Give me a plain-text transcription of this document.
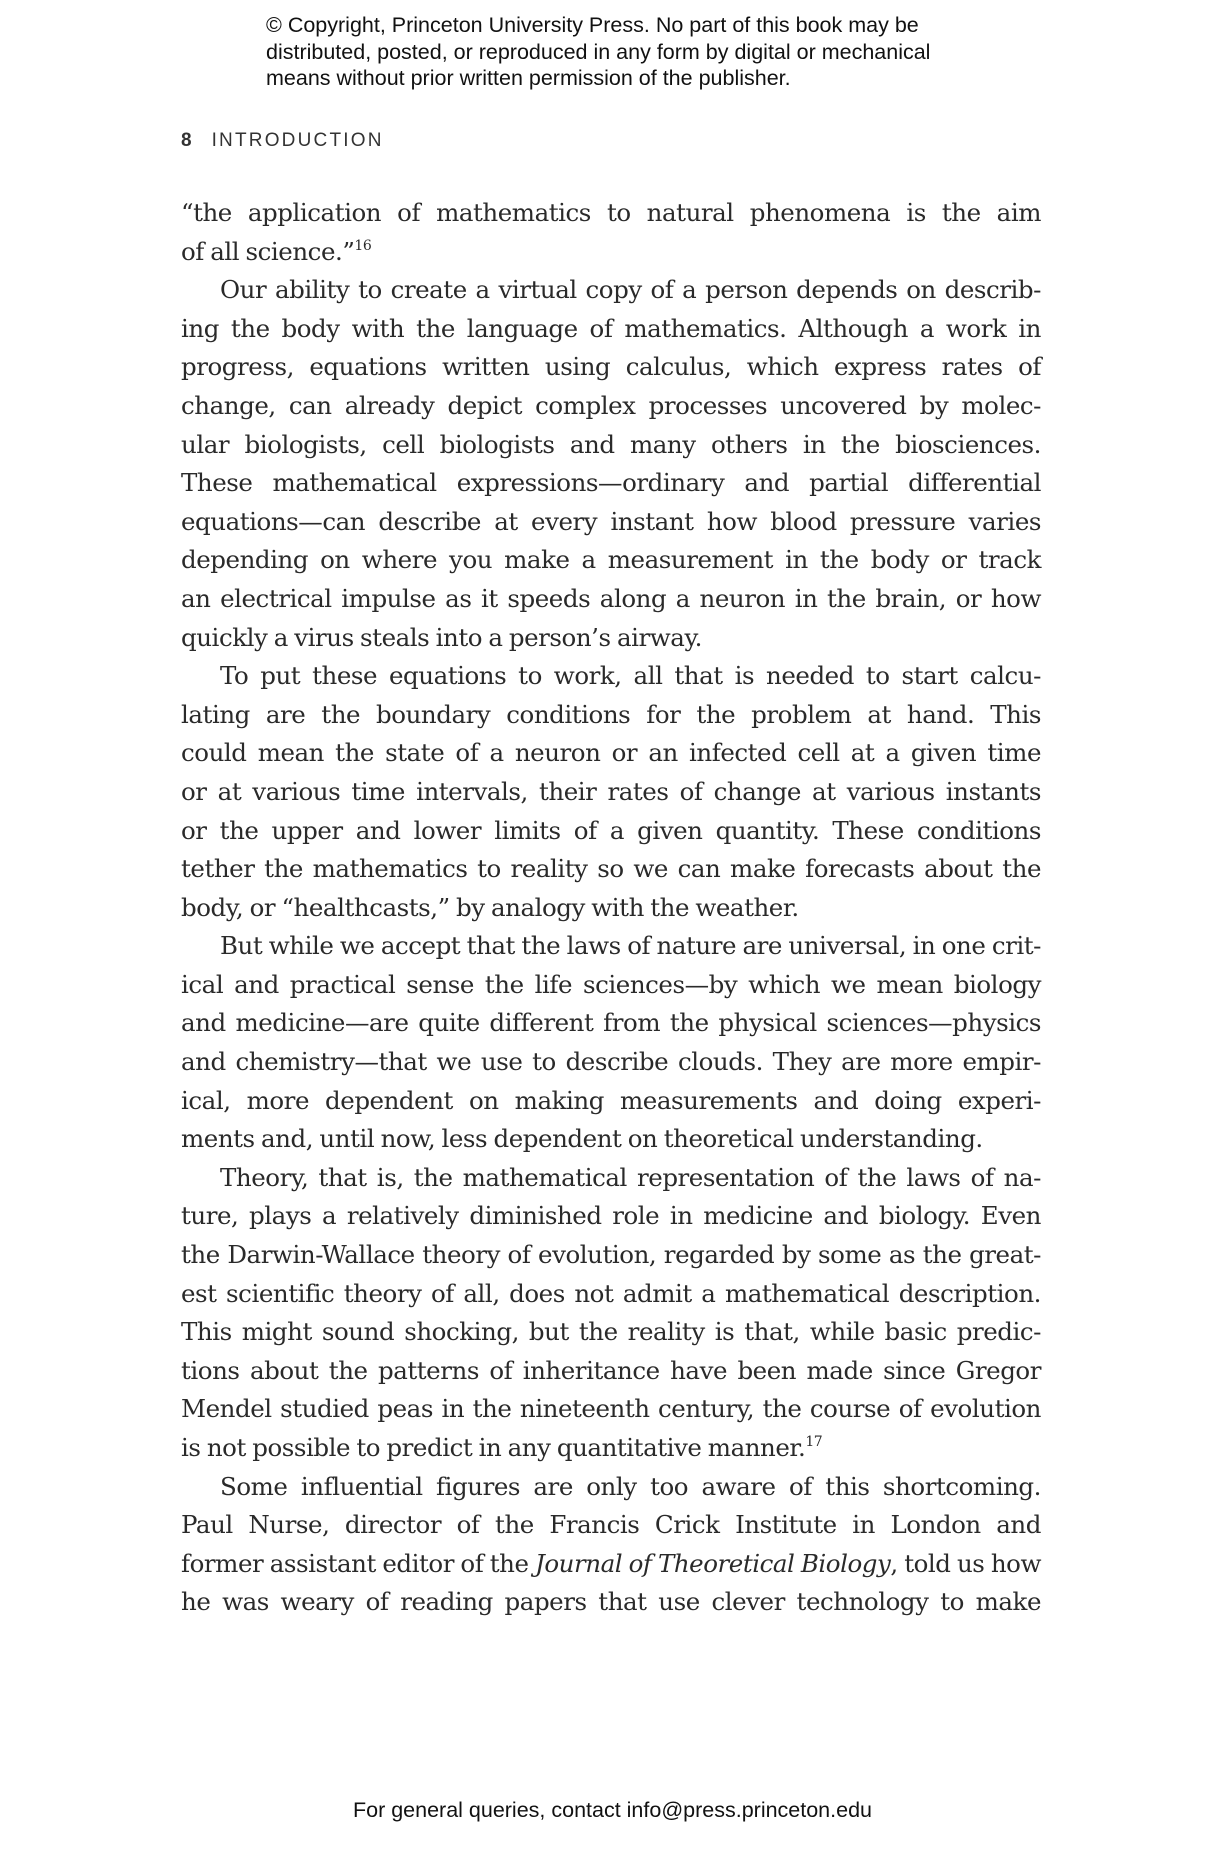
© Copyright, Princeton University Press. No part of this book may be
distributed, posted, or reproduced in any form by digital or mechanical
means without prior written permission of the publisher.
8 INTRODUCTION
“the application of mathematics to natural phenomena is the aim
of all science.”$^{16}$
Our ability to create a virtual copy of a person depends on describ-
ing the body with the language of mathematics. Although a work in
progress, equations written using calculus, which express rates of
change, can already depict complex processes uncovered by molec-
ular biologists, cell biologists and many others in the biosciences.
These mathematical expressions—ordinary and partial differential
equations—can describe at every instant how blood pressure varies
depending on where you make a measurement in the body or track
an electrical impulse as it speeds along a neuron in the brain, or how
quickly a virus steals into a person’s airway.
To put these equations to work, all that is needed to start calcu-
lating are the boundary conditions for the problem at hand. This
could mean the state of a neuron or an infected cell at a given time
or at various time intervals, their rates of change at various instants
or the upper and lower limits of a given quantity. These conditions
tether the mathematics to reality so we can make forecasts about the
body, or “healthcasts,” by analogy with the weather.
But while we accept that the laws of nature are universal, in one crit-
ical and practical sense the life sciences—by which we mean biology
and medicine—are quite different from the physical sciences—physics
and chemistry—that we use to describe clouds. They are more empir-
ical, more dependent on making measurements and doing experi-
ments and, until now, less dependent on theoretical understanding.
Theory, that is, the mathematical representation of the laws of na-
ture, plays a relatively diminished role in medicine and biology. Even
the Darwin-Wallace theory of evolution, regarded by some as the great-
est scientific theory of all, does not admit a mathematical description.
This might sound shocking, but the reality is that, while basic predic-
tions about the patterns of inheritance have been made since Gregor
Mendel studied peas in the nineteenth century, the course of evolution
is not possible to predict in any quantitative manner.$^{17}$
Some influential figures are only too aware of this shortcoming.
Paul Nurse, director of the Francis Crick Institute in London and
former assistant editor of the Journal of Theoretical Biology, told us how
he was weary of reading papers that use clever technology to make
For general queries, contact info@press.princeton.edu
